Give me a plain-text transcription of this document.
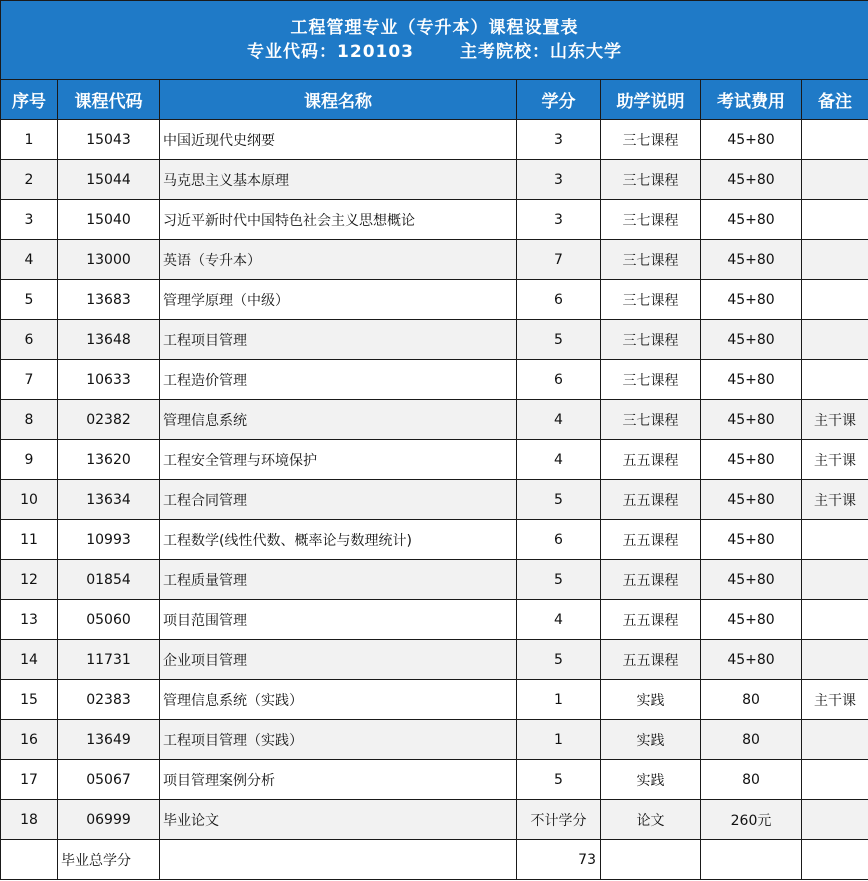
工程管理专业（专升本）课程设置表
专业代码：120103 主考院校：山东大学						

序号	课程代码	课程名称	学分	助学说明	考试费用	备注
1	15043	中国近现代史纲要	3	三七课程	45+80	
2	15044	马克思主义基本原理	3	三七课程	45+80	
3	15040	习近平新时代中国特色社会主义思想概论	3	三七课程	45+80	
4	13000	英语（专升本）	7	三七课程	45+80	
5	13683	管理学原理（中级）	6	三七课程	45+80	
6	13648	工程项目管理	5	三七课程	45+80	
7	10633	工程造价管理	6	三七课程	45+80	
8	02382	管理信息系统	4	三七课程	45+80	主干课
9	13620	工程安全管理与环境保护	4	五五课程	45+80	主干课
10	13634	工程合同管理	5	五五课程	45+80	主干课
11	10993	工程数学(线性代数、概率论与数理统计)	6	五五课程	45+80	
12	01854	工程质量管理	5	五五课程	45+80	
13	05060	项目范围管理	4	五五课程	45+80	
14	11731	企业项目管理	5	五五课程	45+80	
15	02383	管理信息系统（实践）	1	实践	80	主干课
16	13649	工程项目管理（实践）	1	实践	80	
17	05067	项目管理案例分析	5	实践	80	
18	06999	毕业论文	不计学分	论文	260元	
	毕业总学分		73			
